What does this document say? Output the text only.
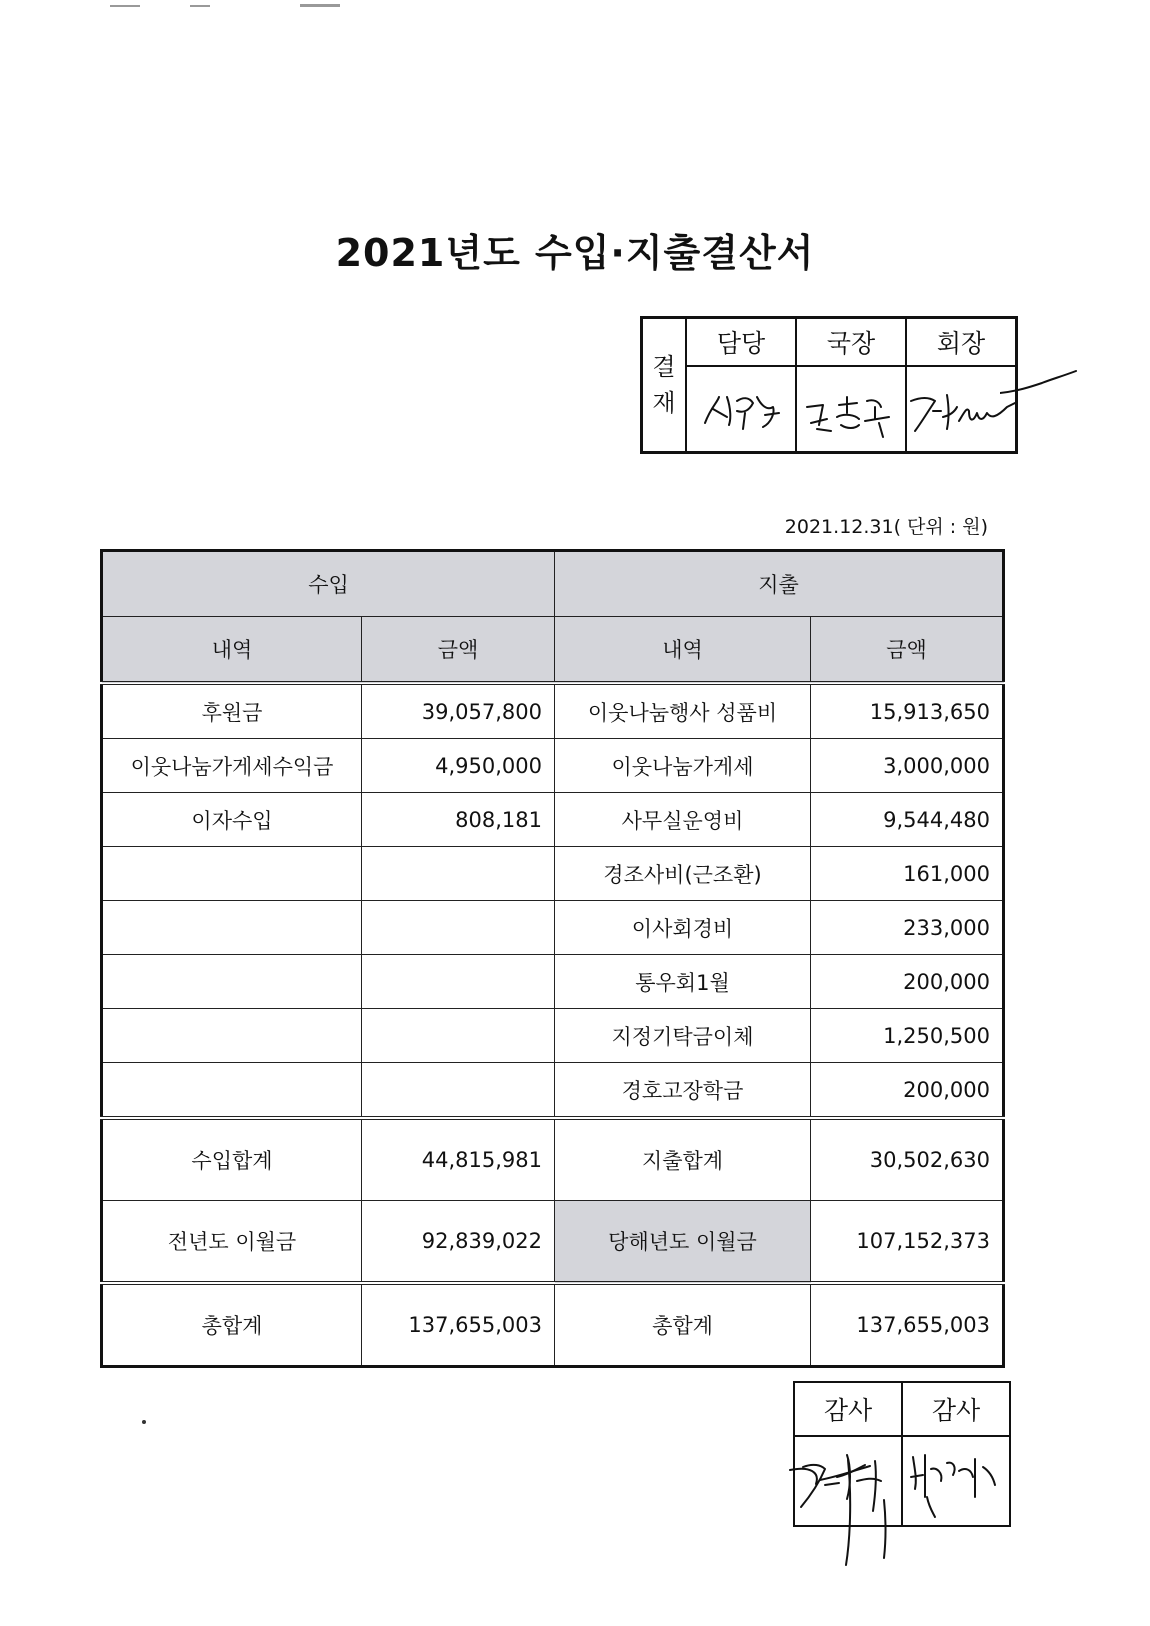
2021년도 수입·지출결산서
결
재	담당	국장	회장

2021.12.31( 단위 : 원)
수입		지출	
내역	금액	내역	금액
후원금	39,057,800	이웃나눔행사 성품비	15,913,650
이웃나눔가게세수익금	4,950,000	이웃나눔가게세	3,000,000
이자수입	808,181	사무실운영비	9,544,480
		경조사비(근조환)	161,000
		이사회경비	233,000
		통우회1월	200,000
		지정기탁금이체	1,250,500
		경호고장학금	200,000
수입합계	44,815,981	지출합계	30,502,630
전년도 이월금	92,839,022	당해년도 이월금	107,152,373
총합계	137,655,003	총합계	137,655,003
감사	감사
